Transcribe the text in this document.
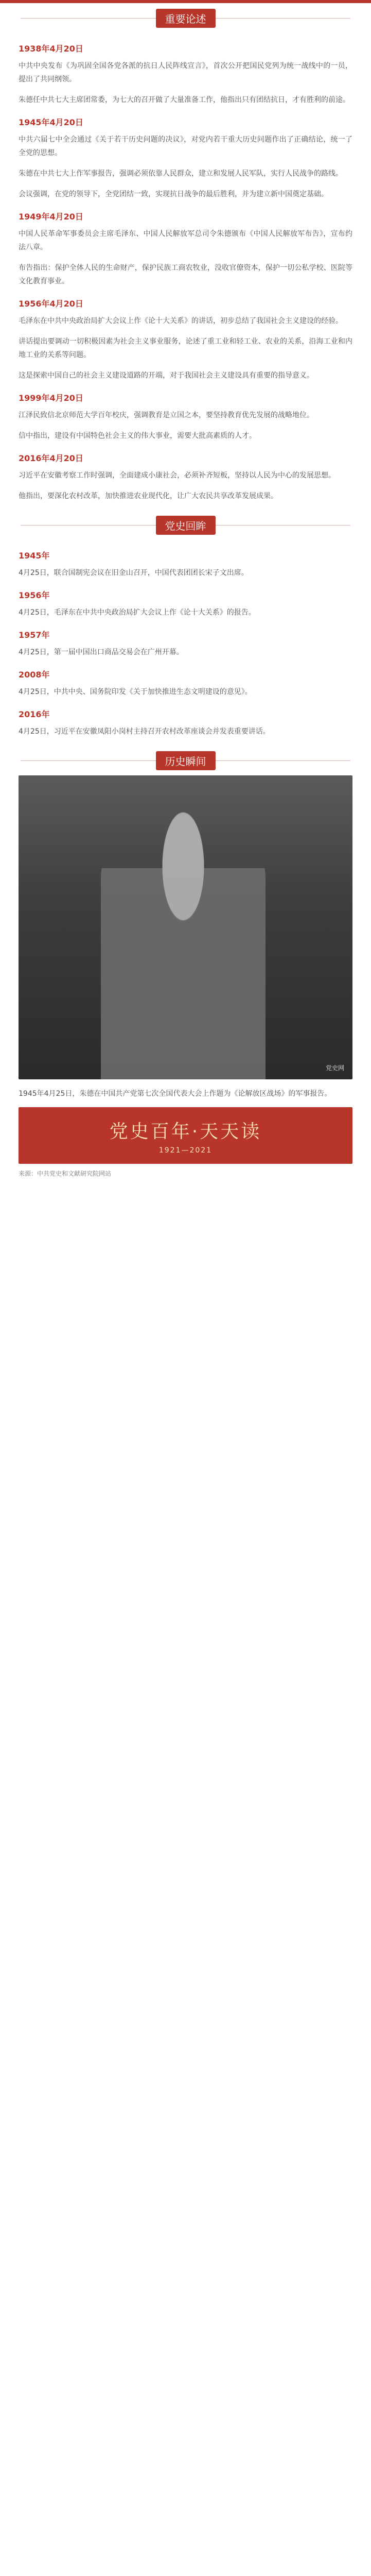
重要论述
1938年4月20日

中共中央发布《为巩固全国各党各派的抗日人民阵线宣言》，首次公开把国民党列为统一战线中的一员，提出了共同纲领。

朱德任中共七大主席团常委，为七大的召开做了大量准备工作，他指出只有团结抗日，才有胜利的前途。

1945年4月20日

中共六届七中全会通过《关于若干历史问题的决议》，对党内若干重大历史问题作出了正确结论，统一了全党的思想。

朱德在中共七大上作军事报告，强调必须依靠人民群众，建立和发展人民军队，实行人民战争的路线。

会议强调，在党的领导下，全党团结一致，实现抗日战争的最后胜利，并为建立新中国奠定基础。

1949年4月20日

中国人民革命军事委员会主席毛泽东、中国人民解放军总司令朱德颁布《中国人民解放军布告》，宣布约法八章。

布告指出：保护全体人民的生命财产，保护民族工商农牧业，没收官僚资本，保护一切公私学校、医院等文化教育事业。

1956年4月20日

毛泽东在中共中央政治局扩大会议上作《论十大关系》的讲话，初步总结了我国社会主义建设的经验。

讲话提出要调动一切积极因素为社会主义事业服务，论述了重工业和轻工业、农业的关系，沿海工业和内地工业的关系等问题。

这是探索中国自己的社会主义建设道路的开端，对于我国社会主义建设具有重要的指导意义。

1999年4月20日

江泽民致信北京师范大学百年校庆，强调教育是立国之本，要坚持教育优先发展的战略地位。

信中指出，建设有中国特色社会主义的伟大事业，需要大批高素质的人才。

2016年4月20日

习近平在安徽考察工作时强调，全面建成小康社会，必须补齐短板，坚持以人民为中心的发展思想。

他指出，要深化农村改革，加快推进农业现代化，让广大农民共享改革发展成果。

党史回眸
1945年

4月25日，联合国制宪会议在旧金山召开，中国代表团团长宋子文出席。

1956年

4月25日，毛泽东在中共中央政治局扩大会议上作《论十大关系》的报告。

1957年

4月25日，第一届中国出口商品交易会在广州开幕。

2008年

4月25日，中共中央、国务院印发《关于加快推进生态文明建设的意见》。

2016年

4月25日，习近平在安徽凤阳小岗村主持召开农村改革座谈会并发表重要讲话。

历史瞬间
党史网

1945年4月25日，朱德在中国共产党第七次全国代表大会上作题为《论解放区战场》的军事报告。

党史百年·天天读
1921—2021
来源：中共党史和文献研究院网站
